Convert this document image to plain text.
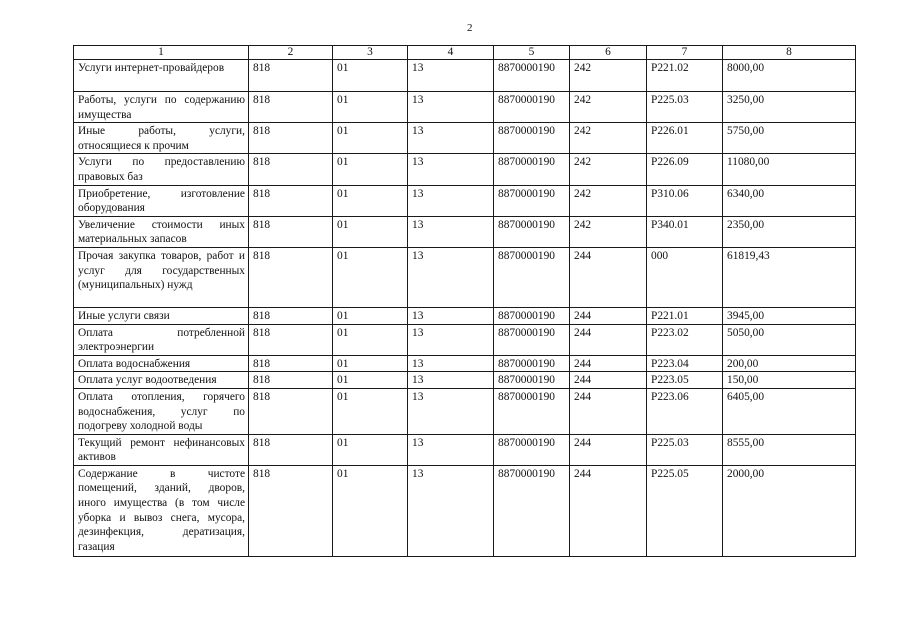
2
1	2	3	4	5	6	7	8
Услуги интернет-провайдеров	818	01	13	8870000190	242	Р221.02	8000,00
Работы, услуги по содержанию имущества	818	01	13	8870000190	242	Р225.03	3250,00
Иные работы, услуги, относящиеся к прочим	818	01	13	8870000190	242	Р226.01	5750,00
Услуги по предоставлению правовых баз	818	01	13	8870000190	242	Р226.09	11080,00
Приобретение, изготовление оборудования	818	01	13	8870000190	242	Р310.06	6340,00
Увеличение стоимости иных материальных запасов	818	01	13	8870000190	242	Р340.01	2350,00
Прочая закупка товаров, работ и услуг для государственных (муниципальных) нужд	818	01	13	8870000190	244	000	61819,43
Иные услуги связи	818	01	13	8870000190	244	Р221.01	3945,00
Оплата потребленной электроэнергии	818	01	13	8870000190	244	Р223.02	5050,00
Оплата водоснабжения	818	01	13	8870000190	244	Р223.04	200,00
Оплата услуг водоотведения	818	01	13	8870000190	244	Р223.05	150,00
Оплата отопления, горячего водоснабжения, услуг по подогреву холодной воды	818	01	13	8870000190	244	Р223.06	6405,00
Текущий ремонт нефинансовых активов	818	01	13	8870000190	244	Р225.03	8555,00
Содержание в чистоте помещений, зданий, дворов, иного имущества (в том числе уборка и вывоз снега, мусора, дезинфекция, дератизация, газация	818	01	13	8870000190	244	Р225.05	2000,00
